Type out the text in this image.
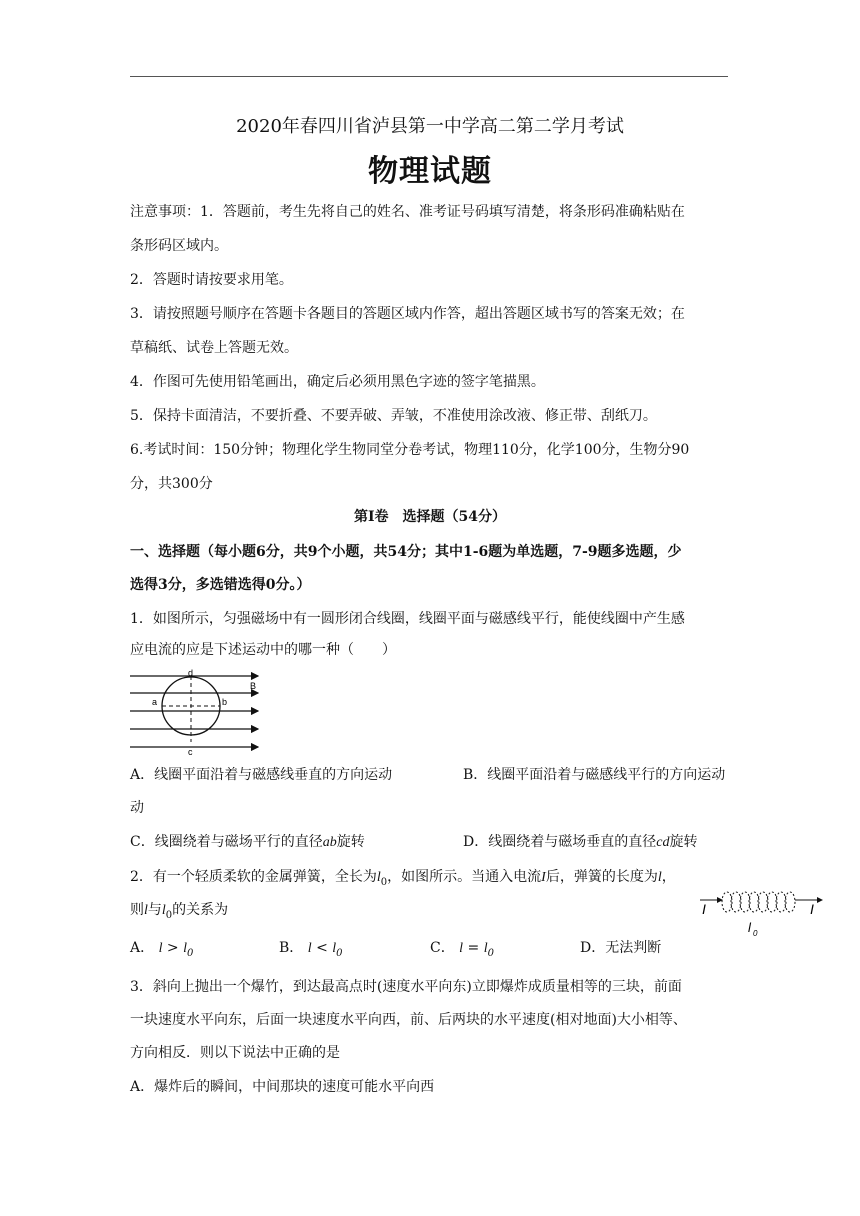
2020年春四川省泸县第一中学高二第二学月考试
物理试题
注意事项：1．答题前，考生先将自己的姓名、准考证号码填写清楚，将条形码准确粘贴在
条形码区域内。
2．答题时请按要求用笔。
3．请按照题号顺序在答题卡各题目的答题区域内作答，超出答题区域书写的答案无效；在
草稿纸、试卷上答题无效。
4．作图可先使用铅笔画出，确定后必须用黑色字迹的签字笔描黑。
5．保持卡面清洁，不要折叠、不要弄破、弄皱，不准使用涂改液、修正带、刮纸刀。
6.考试时间：150分钟；物理化学生物同堂分卷考试，物理110分，化学100分，生物分90
分，共300分
第I卷　选择题（54分）
一、选择题（每小题6分，共9个小题，共54分；其中1-6题为单选题，7-9题多选题，少
选得3分，多选错选得0分。）
1．如图所示，匀强磁场中有一圆形闭合线圈，线圈平面与磁感线平行，能使线圈中产生感
应电流的应是下述运动中的哪一种（　　）
B
a	b
c
d
A．线圈平面沿着与磁感线垂直的方向运动	B．线圈平面沿着与磁感线平行的方向运动
动
C．线圈绕着与磁场平行的直径ab旋转	D．线圈绕着与磁场垂直的直径cd旋转
2．有一个轻质柔软的金属弹簧，全长为$l_0$，如图所示。当通入电流I后，弹簧的长度为l，
则l与$l_0$的关系为	I	I
l 0
A． $l > l_0$	B． $l < l_0$	C． $l = l_0$	D．无法判断
3．斜向上抛出一个爆竹，到达最高点时(速度水平向东)立即爆炸成质量相等的三块，前面
一块速度水平向东，后面一块速度水平向西，前、后两块的水平速度(相对地面)大小相等、
方向相反．则以下说法中正确的是
A．爆炸后的瞬间，中间那块的速度可能水平向西
